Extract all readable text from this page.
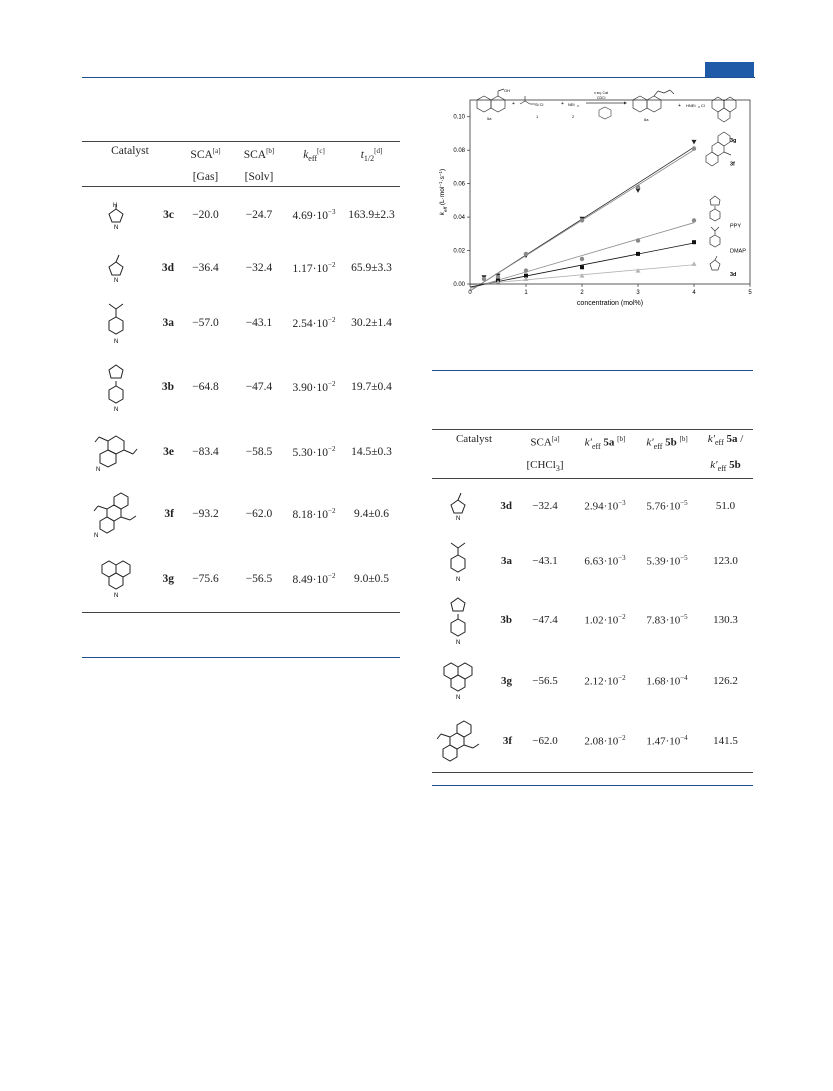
Catalyst		SCA[a]	SCA[b]	$k_{eff}[c]$	$t_{1/2}[d]$
		[Gas]	[Solv]		

H
N	3c	−20.0	−24.7	$4.69\cdot 10^{-3}$	163.9±2.3

N	3d	−36.4	−32.4	$1.17\cdot 10^{-2}$	65.9±3.3

N	3a	−57.0	−43.1	$2.54\cdot 10^{-2}$	30.2±1.4

N	3b	−64.8	−47.4	$3.90\cdot 10^{-2}$	19.7±0.4

N	3e	−83.4	−58.5	$5.30\cdot 10^{-2}$	14.5±0.3

N	3f	−93.2	−62.0	$8.18\cdot 10^{-2}$	9.4±0.6

N	3g	−75.6	−56.5	$8.49\cdot 10^{-2}$	9.0±0.5
0	1	2	3	4	5
0.00
0.02
0.04
0.06
0.08
0.10
concentration (mol%)
$k_{eff}$ $(L\cdot mol^{-1}\cdot s^{-1})$
OH
5a
+	Si Cl
1
+ NEt 3
2
x eq. Cat
CDCl
6a
+ HNEt 3 Cl
3g
3f
PPY
DMAP
3d
Catalyst		SCA[a]	$k'_{eff}$ 5a [b]	$k'_{eff}$ 5b [b]	$k'_{eff}$ 5a /
		[CHCl$_3$]			$k'_{eff}$ 5b

N	3d	−32.4	$2.94\cdot 10^{-3}$	$5.76\cdot 10^{-5}$	51.0

N	3a	−43.1	$6.63\cdot 10^{-3}$	$5.39\cdot 10^{-5}$	123.0

N	3b	−47.4	$1.02\cdot 10^{-2}$	$7.83\cdot 10^{-5}$	130.3

N	3g	−56.5	$2.12\cdot 10^{-2}$	$1.68\cdot 10^{-4}$	126.2
	3f	−62.0	$2.08\cdot 10^{-2}$	$1.47\cdot 10^{-4}$	141.5
